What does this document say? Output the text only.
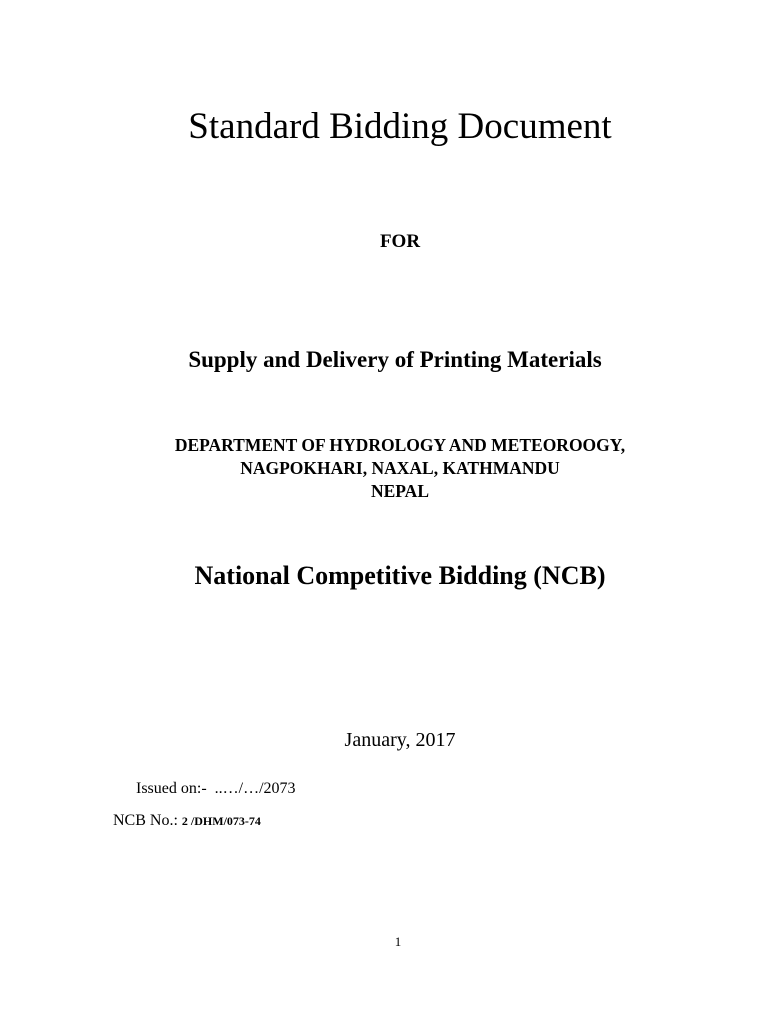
Standard Bidding Document
FOR
Supply and Delivery of Printing Materials
DEPARTMENT OF HYDROLOGY AND METEOROOGY,
NAGPOKHARI, NAXAL, KATHMANDU
NEPAL
National Competitive Bidding (NCB)
January, 2017
Issued on:- ..…/…/2073
NCB No.: 2 /DHM/073-74
1
